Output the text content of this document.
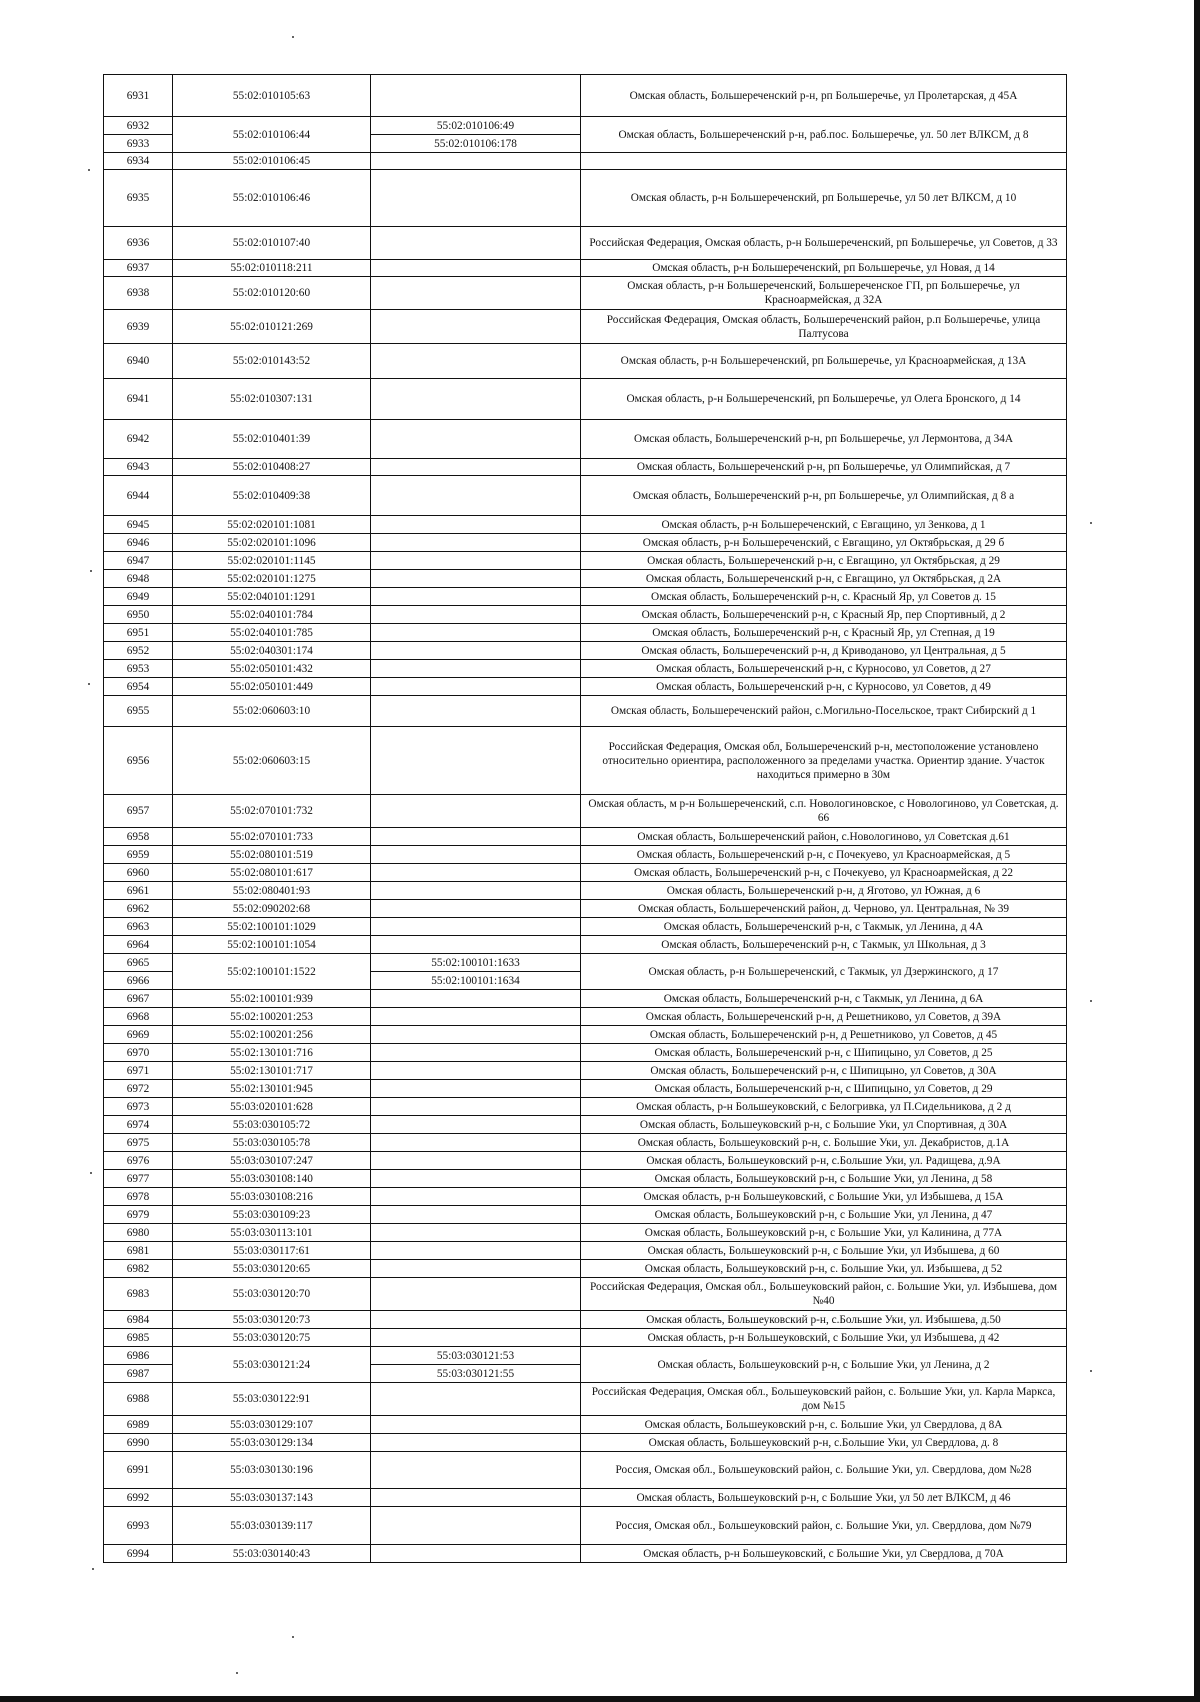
6931	55:02:010105:63		Омская область, Большереченский р-н, рп Большеречье, ул Пролетарская, д 45А
6932	55:02:010106:44	55:02:010106:49	Омская область, Большереченский р-н, раб.пос. Большеречье, ул. 50 лет ВЛКСМ, д 8
6933		55:02:010106:178	
6934	55:02:010106:45		
6935	55:02:010106:46		Омская область, р-н Большереченский, рп Большеречье, ул 50 лет ВЛКСМ, д 10
6936	55:02:010107:40		Российская Федерация, Омская область, р-н Большереченский, рп Большеречье, ул Советов, д 33
6937	55:02:010118:211		Омская область, р-н Большереченский, рп Большеречье, ул Новая, д 14
6938	55:02:010120:60		Омская область, р-н Большереченский, Большереченское ГП, рп Большеречье, ул Красноармейская, д 32А
6939	55:02:010121:269		Российская Федерация, Омская область, Большереченский район, р.п Большеречье, улица Палтусова
6940	55:02:010143:52		Омская область, р-н Большереченский, рп Большеречье, ул Красноармейская, д 13А
6941	55:02:010307:131		Омская область, р-н Большереченский, рп Большеречье, ул Олега Бронского, д 14
6942	55:02:010401:39		Омская область, Большереченский р-н, рп Большеречье, ул Лермонтова, д 34А
6943	55:02:010408:27		Омская область, Большереченский р-н, рп Большеречье, ул Олимпийская, д 7
6944	55:02:010409:38		Омская область, Большереченский р-н, рп Большеречье, ул Олимпийская, д 8 а
6945	55:02:020101:1081		Омская область, р-н Большереченский, с Евгащино, ул Зенкова, д 1
6946	55:02:020101:1096		Омская область, р-н Большереченский, с Евгащино, ул Октябрьская, д 29 б
6947	55:02:020101:1145		Омская область, Большереченский р-н, с Евгащино, ул Октябрьская, д 29
6948	55:02:020101:1275		Омская область, Большереченский р-н, с Евгащино, ул Октябрьская, д 2А
6949	55:02:040101:1291		Омская область, Большереченский р-н, с. Красный Яр, ул Советов д. 15
6950	55:02:040101:784		Омская область, Большереченский р-н, с Красный Яр, пер Спортивный, д 2
6951	55:02:040101:785		Омская область, Большереченский р-н, с Красный Яр, ул Степная, д 19
6952	55:02:040301:174		Омская область, Большереченский р-н, д Криводаново, ул Центральная, д 5
6953	55:02:050101:432		Омская область, Большереченский р-н, с Курносово, ул Советов, д 27
6954	55:02:050101:449		Омская область, Большереченский р-н, с Курносово, ул Советов, д 49
6955	55:02:060603:10		Омская область, Большереченский район, с.Могильно-Посельское, тракт Сибирский д 1
6956	55:02:060603:15		Российская Федерация, Омская обл, Большереченский р-н, местоположение установлено относительно ориентира, расположенного за пределами участка. Ориентир здание. Участок находиться примерно в 30м
6957	55:02:070101:732		Омская область, м р-н Большереченский, с.п. Новологиновское, с Новологиново, ул Советская, д. 66
6958	55:02:070101:733		Омская область, Большереченский район, с.Новологиново, ул Советская д.61
6959	55:02:080101:519		Омская область, Большереченский р-н, с Почекуево, ул Красноармейская, д 5
6960	55:02:080101:617		Омская область, Большереченский р-н, с Почекуево, ул Красноармейская, д 22
6961	55:02:080401:93		Омская область, Большереченский р-н, д Яготово, ул Южная, д 6
6962	55:02:090202:68		Омская область, Большереченский район, д. Черново, ул. Центральная, № 39
6963	55:02:100101:1029		Омская область, Большереченский р-н, с Такмык, ул Ленина, д 4А
6964	55:02:100101:1054		Омская область, Большереченский р-н, с Такмык, ул Школьная, д 3
6965	55:02:100101:1522	55:02:100101:1633	Омская область, р-н Большереченский, с Такмык, ул Дзержинского, д 17
6966		55:02:100101:1634	
6967	55:02:100101:939		Омская область, Большереченский р-н, с Такмык, ул Ленина, д 6А
6968	55:02:100201:253		Омская область, Большереченский р-н, д Решетниково, ул Советов, д 39А
6969	55:02:100201:256		Омская область, Большереченский р-н, д Решетниково, ул Советов, д 45
6970	55:02:130101:716		Омская область, Большереченский р-н, с Шипицыно, ул Советов, д 25
6971	55:02:130101:717		Омская область, Большереченский р-н, с Шипицыно, ул Советов, д 30А
6972	55:02:130101:945		Омская область, Большереченский р-н, с Шипицыно, ул Советов, д 29
6973	55:03:020101:628		Омская область, р-н Большеуковский, с Белогривка, ул П.Сидельникова, д 2 д
6974	55:03:030105:72		Омская область, Большеуковский р-н, с Большие Уки, ул Спортивная, д 30А
6975	55:03:030105:78		Омская область, Большеуковский р-н, с. Большие Уки, ул. Декабристов, д.1А
6976	55:03:030107:247		Омская область, Большеуковский р-н, с.Большие Уки, ул. Радищева, д.9А
6977	55:03:030108:140		Омская область, Большеуковский р-н, с Большие Уки, ул Ленина, д 58
6978	55:03:030108:216		Омская область, р-н Большеуковский, с Большие Уки, ул Избышева, д 15А
6979	55:03:030109:23		Омская область, Большеуковский р-н, с Большие Уки, ул Ленина, д 47
6980	55:03:030113:101		Омская область, Большеуковский р-н, с Большие Уки, ул Калинина, д 77А
6981	55:03:030117:61		Омская область, Большеуковский р-н, с Большие Уки, ул Избышева, д 60
6982	55:03:030120:65		Омская область, Большеуковский р-н, с. Большие Уки, ул. Избышева, д 52
6983	55:03:030120:70		Российская Федерация, Омская обл., Большеуковский район, с. Большие Уки, ул. Избышева, дом №40
6984	55:03:030120:73		Омская область, Большеуковский р-н, с.Большие Уки, ул. Избышева, д.50
6985	55:03:030120:75		Омская область, р-н Большеуковский, с Большие Уки, ул Избышева, д 42
6986	55:03:030121:24	55:03:030121:53	Омская область, Большеуковский р-н, с Большие Уки, ул Ленина, д 2
6987		55:03:030121:55	
6988	55:03:030122:91		Российская Федерация, Омская обл., Большеуковский район, с. Большие Уки, ул. Карла Маркса, дом №15
6989	55:03:030129:107		Омская область, Большеуковский р-н, с. Большие Уки, ул Свердлова, д 8А
6990	55:03:030129:134		Омская область, Большеуковский р-н, с.Большие Уки, ул Свердлова, д. 8
6991	55:03:030130:196		Россия, Омская обл., Большеуковский район, с. Большие Уки, ул. Свердлова, дом №28
6992	55:03:030137:143		Омская область, Большеуковский р-н, с Большие Уки, ул 50 лет ВЛКСМ, д 46
6993	55:03:030139:117		Россия, Омская обл., Большеуковский район, с. Большие Уки, ул. Свердлова, дом №79
6994	55:03:030140:43		Омская область, р-н Большеуковский, с Большие Уки, ул Свердлова, д 70А
